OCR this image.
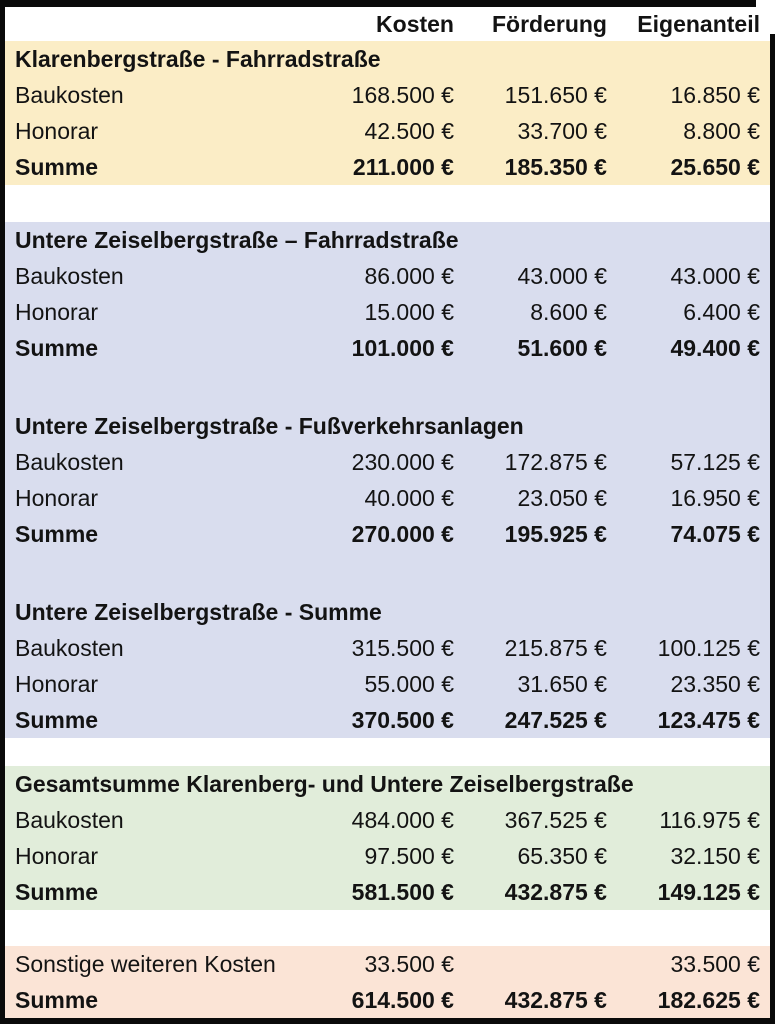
	Kosten	Förderung	Eigenanteil
Klarenbergstraße - Fahrradstraße			
Baukosten	168.500 €	151.650 €	16.850 €
Honorar	42.500 €	33.700 €	8.800 €
Summe	211.000 €	185.350 €	25.650 €

Untere Zeiselbergstraße – Fahrradstraße			
Baukosten	86.000 €	43.000 €	43.000 €
Honorar	15.000 €	8.600 €	6.400 €
Summe	101.000 €	51.600 €	49.400 €

Untere Zeiselbergstraße - Fußverkehrsanlagen			
Baukosten	230.000 €	172.875 €	57.125 €
Honorar	40.000 €	23.050 €	16.950 €
Summe	270.000 €	195.925 €	74.075 €

Untere Zeiselbergstraße - Summe			
Baukosten	315.500 €	215.875 €	100.125 €
Honorar	55.000 €	31.650 €	23.350 €
Summe	370.500 €	247.525 €	123.475 €

Gesamtsumme Klarenberg- und Untere Zeiselbergstraße			
Baukosten	484.000 €	367.525 €	116.975 €
Honorar	97.500 €	65.350 €	32.150 €
Summe	581.500 €	432.875 €	149.125 €

Sonstige weiteren Kosten	33.500 €		33.500 €
Summe	614.500 €	432.875 €	182.625 €
